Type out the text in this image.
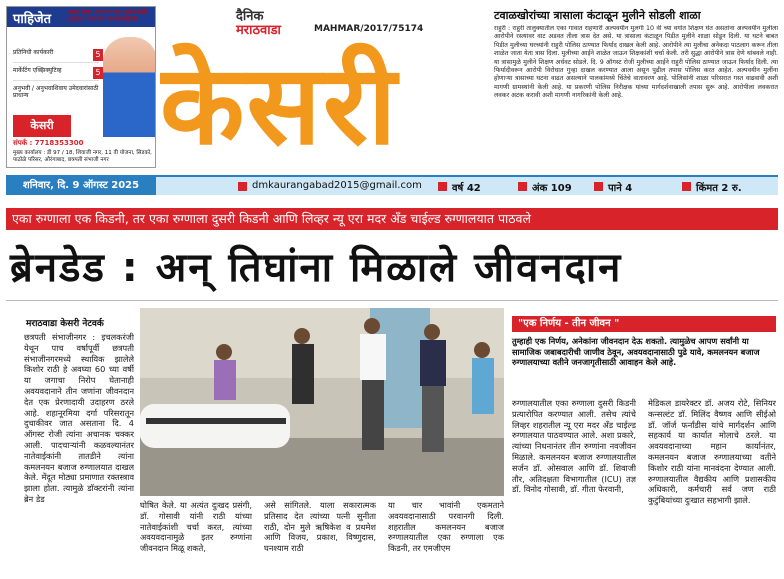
पाहिजेत	आम्हा येथून आलेल्या एक सुवर्ण संधी तुम्हाला घरबसल्या कमवण्यासाठी
प्रतिनिधी कार्यकारी	5
मार्केटिंग एक्झिक्युटिव्ह	5
अनुभवी / अनुभवाशिवाय उमेदवारांसाठी प्राधान्य
केसरी
संपर्क : 7718353300
मुख्य कार्यालय : डी 97 / 18, शिवाजी नगर, 11 वी योजना, सिडको, पाठोळे परिसर, औरंगाबाद, छत्रपती संभाजी नगर
दैनिक
मराठवाडा	MAHMAR/2017/75174
केसरी
टवाळखोरांच्या त्रासाला कंटाळून मुलीने सोडली शाळा
राहुरी : राहुरी तालुक्यातील एका गावात राहणारी अल्पवयीन मुलगी 10 वी च्या वर्गात शिक्षण घेत असतांना अल्पवयीन मुलीला आरोपीने रस्त्यावर वाट अडवत तीला त्रास देत असे. या त्रासाला कंटाळून पिडीत मुलीने शाळा सोडून दिली. या घटने बाबत पिडीत मुलीच्या घरच्यांनी राहुरी पोलिस ठाण्यात फिर्याद दाखल केली आहे. आरोपीने त्या मुलीचा अनेकदा पाठलाग करून तीला शाळेत जाता येता त्रास दिला. मुलीच्या आईने शाळेत जाऊन शिक्षकांशी चर्चा केली. तरी सुद्धा आरोपीने त्रास देणे थांबवले नाही. या त्रासामुळे मुलीने शिक्षण अर्धवट सोडले. दि. 9 ऑगस्ट रोजी मुलीच्या आईने राहुरी पोलिस ठाण्यात जाऊन फिर्याद दिली. त्या फिर्यादीवरून आरोपी विरोधात गुन्हा दाखल करण्यात आला असून पुढील तपास पोलिस करत आहेत. अल्पवयीन मुलींना होणाऱ्या त्रासाच्या घटना वाढत असल्याने पालकांमध्ये चिंतेचे वातावरण आहे. पोलिसांनी शाळा परिसरात गस्त वाढवावी अशी मागणी ग्रामस्थांनी केली आहे. या प्रकरणी पोलिस निरीक्षक यांच्या मार्गदर्शनाखाली तपास सुरू आहे. आरोपीला लवकरात लवकर अटक करावी अशी मागणी नागरिकांनी केली आहे.
शनिवार, दि. 9 ऑगस्ट 2025	dmkaurangabad2015@gmail.com	वर्ष 42	अंक 109	पाने 4	किंमत 2 रु.
एका रुग्णाला एक किडनी, तर एका रुग्णाला दुसरी किडनी आणि लिव्हर न्यू एरा मदर अँड चाईल्ड रुग्णालयात पाठवले
ब्रेनडेड : अन्‌ तिघांना मिळाले जीवनदान
मराठवाडा केसरी नेटवर्क
छत्रपती संभाजीनगर : इचलकरंजी येथून पाच वर्षापूर्वी छत्रपती संभाजीनगरमध्ये स्थायिक झालेले किशोर राठी हे अवघ्या 60 च्या वर्षी या जगाचा निरोप घेतानाही अवयवदानाने तीन जणांना जीवनदान देत एक प्रेरणादायी उदाहरण ठरले आहे. शहानूरमिया दर्गा परिसरातून दुचाकीवर जात असताना दि. 4 ऑगस्ट रोजी त्यांना अचानक चक्कर आली. पादचाऱ्यांनी कळवल्यानंतर नातेवाईकांनी तातडीने त्यांना कमलनयन बजाज रुग्णालयात दाखल केले. मेंदूत मोठ्या प्रमाणात रक्तस्त्राव झाला होता. त्यामुळे डॉक्टरांनी त्यांना ब्रेन डेड
घोषित केले. या अत्यंत दुःखद प्रसंगी, डॉ. गोसावी यांनी राठी यांच्या नातेवाईकांशी चर्चा करत, त्यांच्या अवयवदानामुळे इतर रुग्णांना जीवनदान मिळू शकते,
असे सांगितले. याला सकारात्मक प्रतिसाद देत त्यांच्या पत्नी सुनीता राठी, दोन मुले ऋषिकेश व प्रथमेश आणि विजय, प्रकाश, विष्णुदास, घनश्याम राठी
या चार भावांनी एकमताने अवयवदानासाठी परवानगी दिली. शहरातील कमलनयन बजाज रुग्णालयातील एका रुग्णाला एक किडनी, तर एमजीएम
"एक निर्णय - तीन जीवन "
तुम्हाही एक निर्णय, अनेकांना जीवनदान देऊ शकतो. त्यामुळेच आपण सर्वांनी या सामाजिक जबाबदारीची जाणीव ठेवून, अवयवदानासाठी पुढे यावे, कमलनयन बजाज रुग्णालयाच्या वतीने जनजागृतीसाठी आवाहन केले आहे.
रुग्णालयातील एका रुग्णाला दुसरी किडनी प्रत्यारोपित करण्यात आली. तसेच त्यांचे लिव्हर शहरातील न्यू एरा मदर अँड चाईल्ड रुग्णालयात पाठवण्यात आले. अशा प्रकारे, त्यांच्या निधनानंतर तीन रुग्णांना नवजीवन मिळाले. कमलनयन बजाज रुग्णालयातील सर्जन डॉ. ओसवाल आणि डॉ. शिवाजी तौर, अतिदक्षता विभागातील (ICU) तज्ञ डॉ. विनोद गोसावी, डॉ. गीता फेरवानी,
मेडिकल डायरेक्टर डॉ. अजय रोटे, सिनियर कन्सल्टंट डॉ. मिलिंद वैष्णव आणि सीईओ डॉ. जॉर्ज फर्नांडीस यांचे मार्गदर्शन आणि सहकार्य या कार्यात मोलाचे ठरले. या अवयवदानाच्या महान कार्यानंतर, कमलनयन बजाज रुग्णालयाच्या वतीने किशोर राठी यांना मानवंदना देण्यात आली. रुग्णालयातील वैद्यकीय आणि प्रशासकीय अधिकारी, कर्मचारी सर्व जण राठी कुटुंबियांच्या दुःखात सहभागी झाले.
